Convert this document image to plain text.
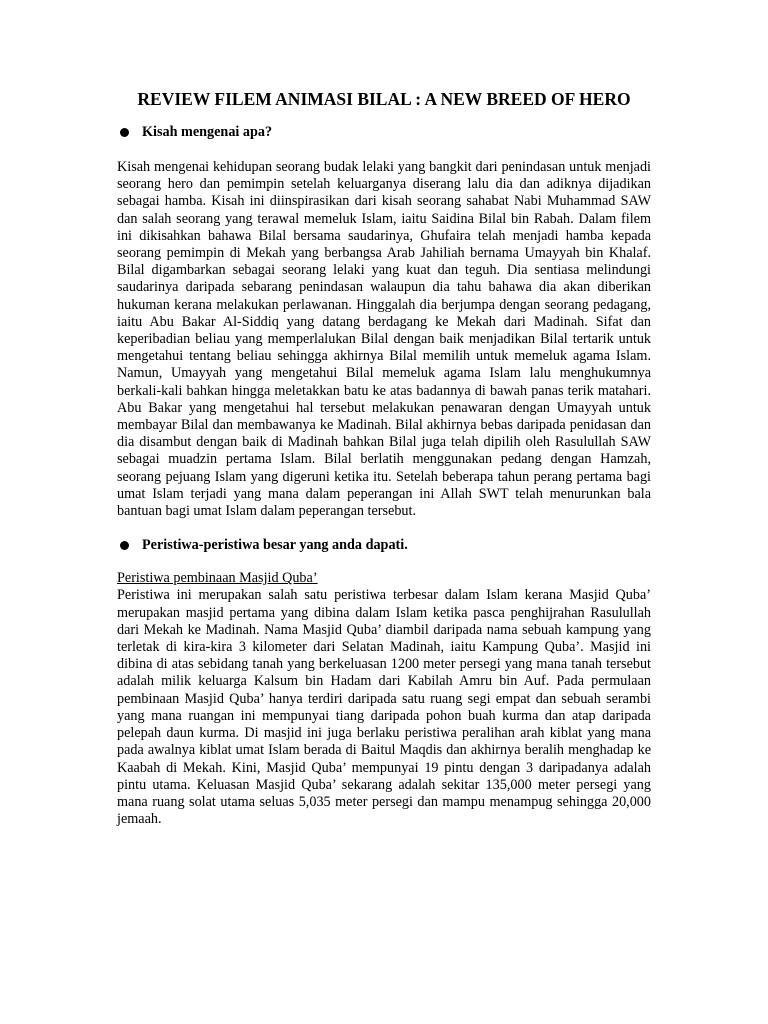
REVIEW FILEM ANIMASI BILAL : A NEW BREED OF HERO
Kisah mengenai apa?

Kisah mengenai kehidupan seorang budak lelaki yang bangkit dari penindasan untuk menjadi seorang hero dan pemimpin setelah keluarganya diserang lalu dia dan adiknya dijadikan sebagai hamba. Kisah ini diinspirasikan dari kisah seorang sahabat Nabi Muhammad SAW dan salah seorang yang terawal memeluk Islam, iaitu Saidina Bilal bin Rabah. Dalam filem ini dikisahkan bahawa Bilal bersama saudarinya, Ghufaira telah menjadi hamba kepada seorang pemimpin di Mekah yang berbangsa Arab Jahiliah bernama Umayyah bin Khalaf. Bilal digambarkan sebagai seorang lelaki yang kuat dan teguh. Dia sentiasa melindungi saudarinya daripada sebarang penindasan walaupun dia tahu bahawa dia akan diberikan hukuman kerana melakukan perlawanan. Hinggalah dia berjumpa dengan seorang pedagang, iaitu Abu Bakar Al-Siddiq yang datang berdagang ke Mekah dari Madinah. Sifat dan keperibadian beliau yang memperlalukan Bilal dengan baik menjadikan Bilal tertarik untuk mengetahui tentang beliau sehingga akhirnya Bilal memilih untuk memeluk agama Islam. Namun, Umayyah yang mengetahui Bilal memeluk agama Islam lalu menghukumnya berkali-kali bahkan hingga meletakkan batu ke atas badannya di bawah panas terik matahari. Abu Bakar yang mengetahui hal tersebut melakukan penawaran dengan Umayyah untuk membayar Bilal dan membawanya ke Madinah. Bilal akhirnya bebas daripada penidasan dan dia disambut dengan baik di Madinah bahkan Bilal juga telah dipilih oleh Rasulullah SAW sebagai muadzin pertama Islam. Bilal berlatih menggunakan pedang dengan Hamzah, seorang pejuang Islam yang digeruni ketika itu. Setelah beberapa tahun perang pertama bagi umat Islam terjadi yang mana dalam peperangan ini Allah SWT telah menurunkan bala bantuan bagi umat Islam dalam peperangan tersebut.

Peristiwa-peristiwa besar yang anda dapati.

Peristiwa pembinaan Masjid Quba’

Peristiwa ini merupakan salah satu peristiwa terbesar dalam Islam kerana Masjid Quba’ merupakan masjid pertama yang dibina dalam Islam ketika pasca penghijrahan Rasulullah dari Mekah ke Madinah. Nama Masjid Quba’ diambil daripada nama sebuah kampung yang terletak di kira-kira 3 kilometer dari Selatan Madinah, iaitu Kampung Quba’. Masjid ini dibina di atas sebidang tanah yang berkeluasan 1200 meter persegi yang mana tanah tersebut adalah milik keluarga Kalsum bin Hadam dari Kabilah Amru bin Auf. Pada permulaan pembinaan Masjid Quba’ hanya terdiri daripada satu ruang segi empat dan sebuah serambi yang mana ruangan ini mempunyai tiang daripada pohon buah kurma dan atap daripada pelepah daun kurma. Di masjid ini juga berlaku peristiwa peralihan arah kiblat yang mana pada awalnya kiblat umat Islam berada di Baitul Maqdis dan akhirnya beralih menghadap ke Kaabah di Mekah. Kini, Masjid Quba’ mempunyai 19 pintu dengan 3 daripadanya adalah pintu utama. Keluasan Masjid Quba’ sekarang adalah sekitar 135,000 meter persegi yang mana ruang solat utama seluas 5,035 meter persegi dan mampu menampug sehingga 20,000 jemaah.
